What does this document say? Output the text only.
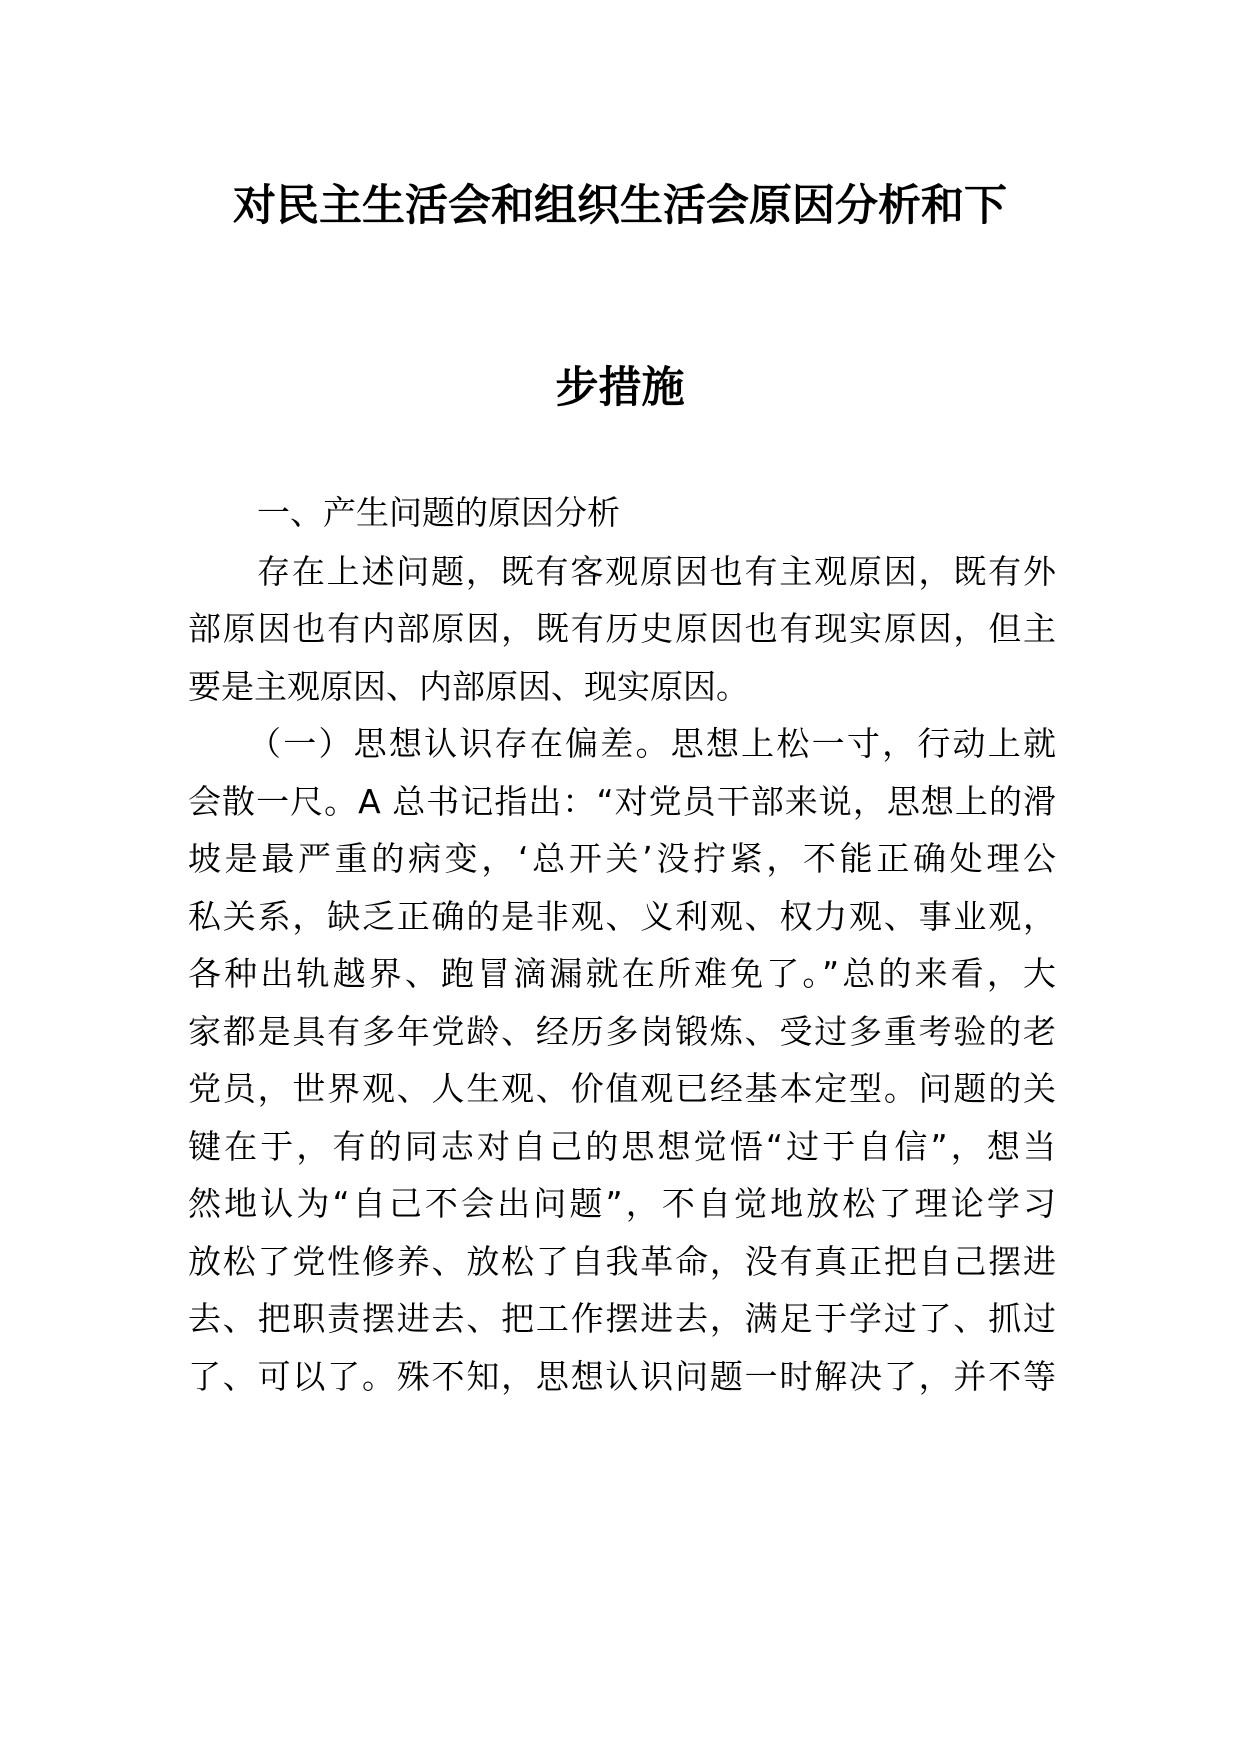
对民主生活会和组织生活会原因分析和下
步措施
一、产生问题的原因分析
存在上述问题，既有客观原因也有主观原因，既有外
部原因也有内部原因，既有历史原因也有现实原因，但主
要是主观原因、内部原因、现实原因。
（一）思想认识存在偏差。思想上松一寸，行动上就
会散一尺。A 总书记指出：“对党员干部来说，思想上的滑
坡是最严重的病变，‘总开关’没拧紧，不能正确处理公
私关系，缺乏正确的是非观、义利观、权力观、事业观，
各种出轨越界、跑冒滴漏就在所难免了。”总的来看，大
家都是具有多年党龄、经历多岗锻炼、受过多重考验的老
党员，世界观、人生观、价值观已经基本定型。问题的关
键在于，有的同志对自己的思想觉悟“过于自信”，想当
然地认为“自己不会出问题”，不自觉地放松了理论学习
放松了党性修养、放松了自我革命，没有真正把自己摆进
去、把职责摆进去、把工作摆进去，满足于学过了、抓过
了、可以了。殊不知，思想认识问题一时解决了，并不等
